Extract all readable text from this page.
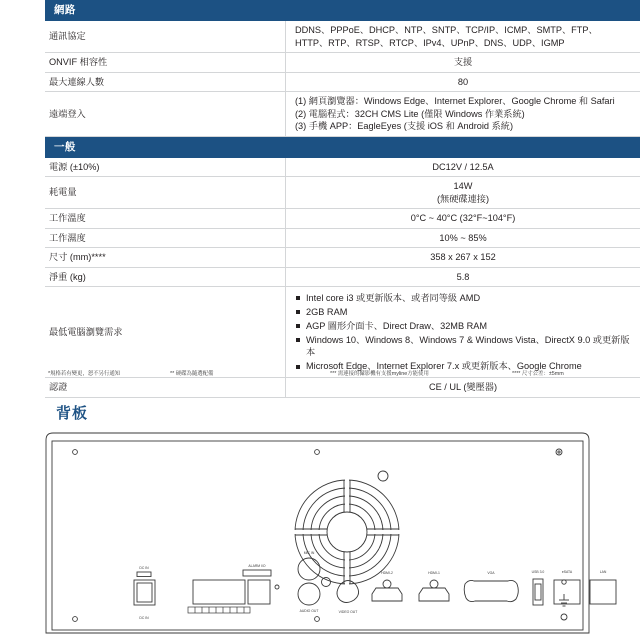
網路
通訊協定	DDNS、PPPoE、DHCP、NTP、SNTP、TCP/IP、ICMP、SMTP、FTP、
HTTP、RTP、RTSP、RTCP、IPv4、UPnP、DNS、UDP、IGMP

ONVIF 相容性	支援
最大連線人數	80
遠端登入	(1) 網頁瀏覽器：Windows Edge、Internet Explorer、Google Chrome 和 Safari
(2) 電腦程式：32CH CMS Lite (僅限 Windows 作業系統)
(3) 手機 APP：EagleEyes (支援 iOS 和 Android 系統)
一般
電源 (±10%)	DC12V / 12.5A
耗電量	14W
(無硬碟連接)

工作溫度	0°C ~ 40°C (32°F~104°F)
工作濕度	10% ~ 85%
尺寸 (mm)****	358 x 267 x 152
淨重 (kg)	5.8
最低電腦瀏覽需求	Intel core i3 或更新版本、或者同等級 AMD
2GB RAM
AGP 圖形介面卡、Direct Draw、32MB RAM
Windows 10、Windows 8、Windows 7 & Windows Vista、DirectX 9.0 或更新版本
Microsoft Edge、Internet Explorer 7.x 或更新版本、Google Chrome

認證	CE / UL (變壓器)
*規格若有變更，恕不另行通知	** 硬碟為隨選配備	*** 需連接的攝影機有支援myline方能使用	**** 尺寸公差：±5mm
背板
DC IN
DC IN
ALARM I/O
MIC IN
AUDIO OUT	VIDEO OUT
HDMI-2	HDMI-1	VGA	USB 3.0	eSATA	LAN
